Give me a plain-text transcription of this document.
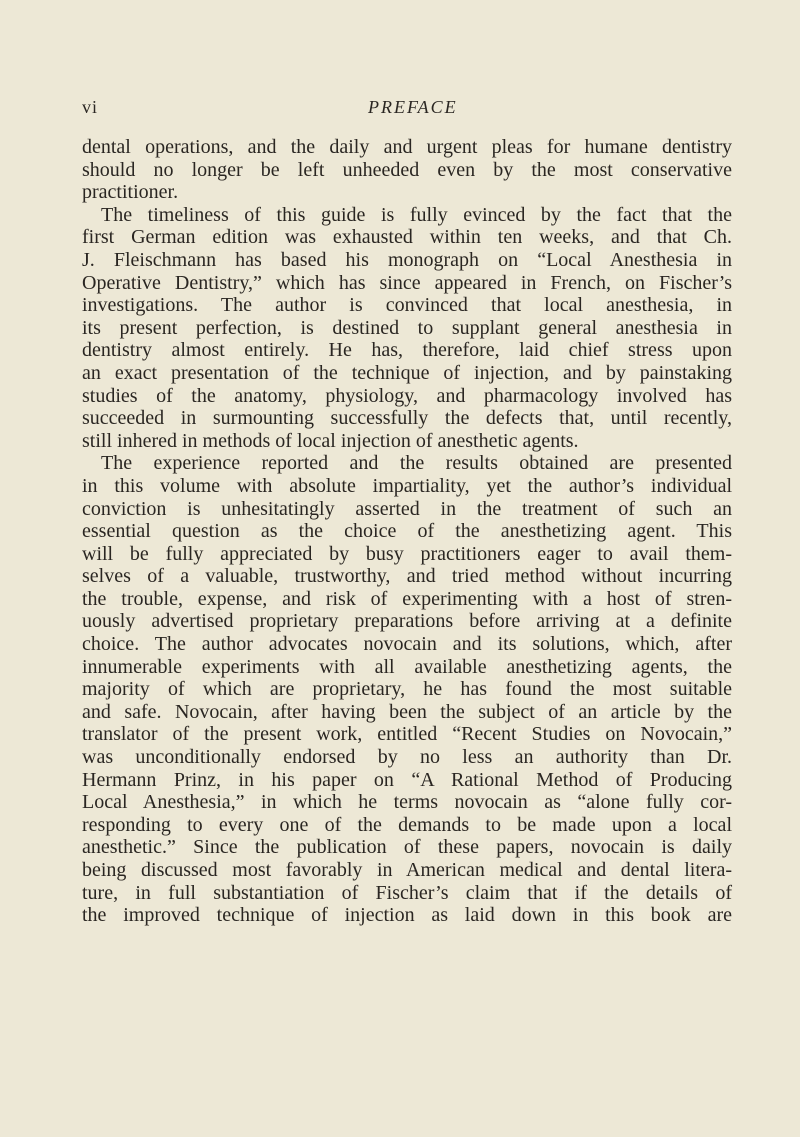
vi	PREFACE
dental operations, and the daily and urgent pleas for humane dentistry
should no longer be left unheeded even by the most conservative
practitioner.
The timeliness of this guide is fully evinced by the fact that the
first German edition was exhausted within ten weeks, and that Ch.
J. Fleischmann has based his monograph on “Local Anesthesia in
Operative Dentistry,” which has since appeared in French, on Fischer’s
investigations. The author is convinced that local anesthesia, in
its present perfection, is destined to supplant general anesthesia in
dentistry almost entirely. He has, therefore, laid chief stress upon
an exact presentation of the technique of injection, and by painstaking
studies of the anatomy, physiology, and pharmacology involved has
succeeded in surmounting successfully the defects that, until recently,
still inhered in methods of local injection of anesthetic agents.
The experience reported and the results obtained are presented
in this volume with absolute impartiality, yet the author’s individual
conviction is unhesitatingly asserted in the treatment of such an
essential question as the choice of the anesthetizing agent. This
will be fully appreciated by busy practitioners eager to avail them-
selves of a valuable, trustworthy, and tried method without incurring
the trouble, expense, and risk of experimenting with a host of stren-
uously advertised proprietary preparations before arriving at a definite
choice. The author advocates novocain and its solutions, which, after
innumerable experiments with all available anesthetizing agents, the
majority of which are proprietary, he has found the most suitable
and safe. Novocain, after having been the subject of an article by the
translator of the present work, entitled “Recent Studies on Novocain,”
was unconditionally endorsed by no less an authority than Dr.
Hermann Prinz, in his paper on “A Rational Method of Producing
Local Anesthesia,” in which he terms novocain as “alone fully cor-
responding to every one of the demands to be made upon a local
anesthetic.” Since the publication of these papers, novocain is daily
being discussed most favorably in American medical and dental litera-
ture, in full substantiation of Fischer’s claim that if the details of
the improved technique of injection as laid down in this book are
